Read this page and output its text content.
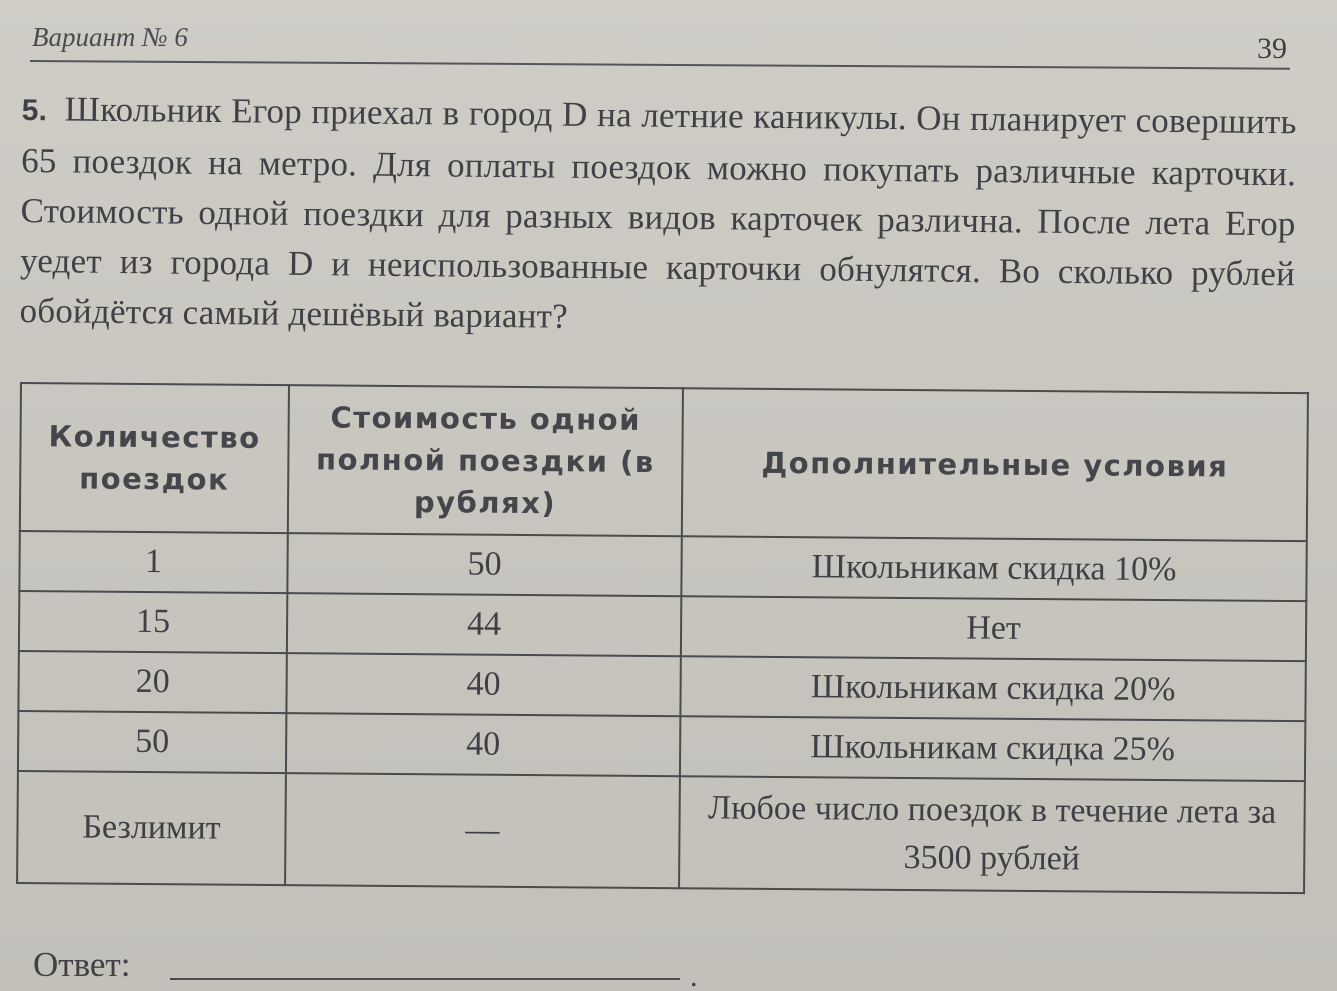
Вариант № 6	39
5. Школьник Егор приехал в город D на летние каникулы. Он планирует совершить 65 поездок на метро. Для оплаты поездок можно покупать различные карточки. Стоимость одной поездки для разных видов карточек различна. После лета Егор уедет из города D и неиспользованные карточки обнулятся. Во сколько рублей обойдётся самый дешёвый вариант?
Количество поездок	Стоимость одной полной поездки (в рублях)	Дополнительные условия
1	50	Школьникам скидка 10%
15	44	Нет
20	40	Школьникам скидка 20%
50	40	Школьникам скидка 25%
Безлимит	—	Любое число поездок в течение лета за 3500 рублей
Ответ:	.
